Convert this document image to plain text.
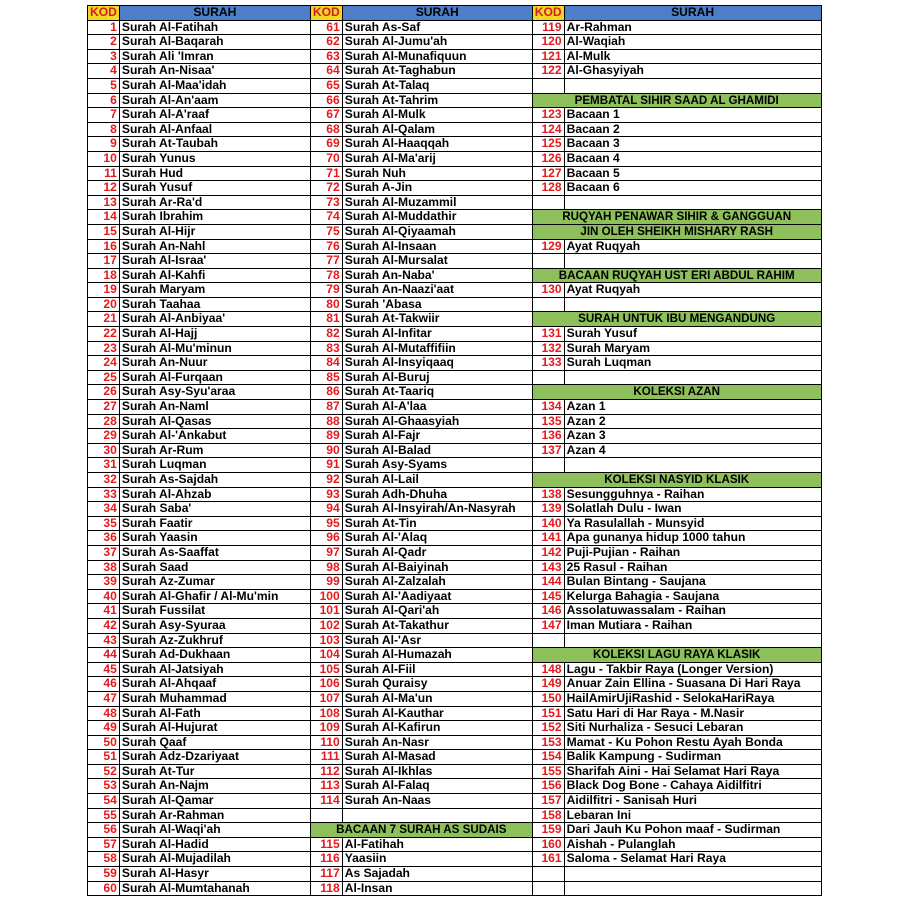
KOD	SURAH	KOD	SURAH	KOD	SURAH
1	Surah Al-Fatihah	61	Surah As-Saf	119	Ar-Rahman
2	Surah Al-Baqarah	62	Surah Al-Jumu'ah	120	Al-Waqiah
3	Surah Ali 'Imran	63	Surah Al-Munafiquun	121	Al-Mulk
4	Surah An-Nisaa'	64	Surah At-Taghabun	122	Al-Ghasyiyah
5	Surah Al-Maa'idah	65	Surah At-Talaq		
6	Surah Al-An'aam	66	Surah At-Tahrim	PEMBATAL SIHIR SAAD AL GHAMIDI	
7	Surah Al-A'raaf	67	Surah Al-Mulk	123	Bacaan 1
8	Surah Al-Anfaal	68	Surah Al-Qalam	124	Bacaan 2
9	Surah At-Taubah	69	Surah Al-Haaqqah	125	Bacaan 3
10	Surah Yunus	70	Surah Al-Ma'arij	126	Bacaan 4
11	Surah Hud	71	Surah Nuh	127	Bacaan 5
12	Surah Yusuf	72	Surah A-Jin	128	Bacaan 6
13	Surah Ar-Ra'd	73	Surah Al-Muzammil		
14	Surah Ibrahim	74	Surah Al-Muddathir	RUQYAH PENAWAR SIHIR & GANGGUAN	
15	Surah Al-Hijr	75	Surah Al-Qiyaamah	JIN OLEH SHEIKH MISHARY RASH	
16	Surah An-Nahl	76	Surah Al-Insaan	129	Ayat Ruqyah
17	Surah Al-Israa'	77	Surah Al-Mursalat		
18	Surah Al-Kahfi	78	Surah An-Naba'	BACAAN RUQYAH UST ERI ABDUL RAHIM	
19	Surah Maryam	79	Surah An-Naazi'aat	130	Ayat Ruqyah
20	Surah Taahaa	80	Surah 'Abasa		
21	Surah Al-Anbiyaa'	81	Surah At-Takwiir	SURAH UNTUK IBU MENGANDUNG	
22	Surah Al-Hajj	82	Surah Al-Infitar	131	Surah Yusuf
23	Surah Al-Mu'minun	83	Surah Al-Mutaffifiin	132	Surah Maryam
24	Surah An-Nuur	84	Surah Al-Insyiqaaq	133	Surah Luqman
25	Surah Al-Furqaan	85	Surah Al-Buruj		
26	Surah Asy-Syu'araa	86	Surah At-Taariq	KOLEKSI AZAN	
27	Surah An-Naml	87	Surah Al-A'laa	134	Azan 1
28	Surah Al-Qasas	88	Surah Al-Ghaasyiah	135	Azan 2
29	Surah Al-'Ankabut	89	Surah Al-Fajr	136	Azan 3
30	Surah Ar-Rum	90	Surah Al-Balad	137	Azan 4
31	Surah Luqman	91	Surah Asy-Syams		
32	Surah As-Sajdah	92	Surah Al-Lail	KOLEKSI NASYID KLASIK	
33	Surah Al-Ahzab	93	Surah Adh-Dhuha	138	Sesungguhnya - Raihan
34	Surah Saba'	94	Surah Al-Insyirah/An-Nasyrah	139	Solatlah Dulu - Iwan
35	Surah Faatir	95	Surah At-Tin	140	Ya Rasulallah - Munsyid
36	Surah Yaasin	96	Surah Al-'Alaq	141	Apa gunanya hidup 1000 tahun
37	Surah As-Saaffat	97	Surah Al-Qadr	142	Puji-Pujian - Raihan
38	Surah Saad	98	Surah Al-Baiyinah	143	25 Rasul - Raihan
39	Surah Az-Zumar	99	Surah Al-Zalzalah	144	Bulan Bintang - Saujana
40	Surah Al-Ghafir / Al-Mu'min	100	Surah Al-'Aadiyaat	145	Kelurga Bahagia - Saujana
41	Surah Fussilat	101	Surah Al-Qari'ah	146	Assolatuwassalam - Raihan
42	Surah Asy-Syuraa	102	Surah At-Takathur	147	Iman Mutiara - Raihan
43	Surah Az-Zukhruf	103	Surah Al-'Asr		
44	Surah Ad-Dukhaan	104	Surah Al-Humazah	KOLEKSI LAGU RAYA KLASIK	
45	Surah Al-Jatsiyah	105	Surah Al-Fiil	148	Lagu - Takbir Raya (Longer Version)
46	Surah Al-Ahqaaf	106	Surah Quraisy	149	Anuar Zain Ellina - Suasana Di Hari Raya
47	Surah Muhammad	107	Surah Al-Ma'un	150	HailAmirUjiRashid - SelokaHariRaya
48	Surah Al-Fath	108	Surah Al-Kauthar	151	Satu Hari di Har Raya - M.Nasir
49	Surah Al-Hujurat	109	Surah Al-Kafirun	152	Siti Nurhaliza - Sesuci Lebaran
50	Surah Qaaf	110	Surah An-Nasr	153	Mamat - Ku Pohon Restu Ayah Bonda
51	Surah Adz-Dzariyaat	111	Surah Al-Masad	154	Balik Kampung - Sudirman
52	Surah At-Tur	112	Surah Al-Ikhlas	155	Sharifah Aini - Hai Selamat Hari Raya
53	Surah An-Najm	113	Surah Al-Falaq	156	Black Dog Bone - Cahaya Aidilfitri
54	Surah Al-Qamar	114	Surah An-Naas	157	Aidilfitri - Sanisah Huri
55	Surah Ar-Rahman			158	Lebaran Ini
56	Surah Al-Waqi'ah	BACAAN 7 SURAH AS SUDAIS		159	Dari Jauh Ku Pohon maaf - Sudirman
57	Surah Al-Hadid	115	Al-Fatihah	160	Aishah - Pulanglah
58	Surah Al-Mujadilah	116	Yaasiin	161	Saloma - Selamat Hari Raya
59	Surah Al-Hasyr	117	As Sajadah		
60	Surah Al-Mumtahanah	118	Al-Insan		
